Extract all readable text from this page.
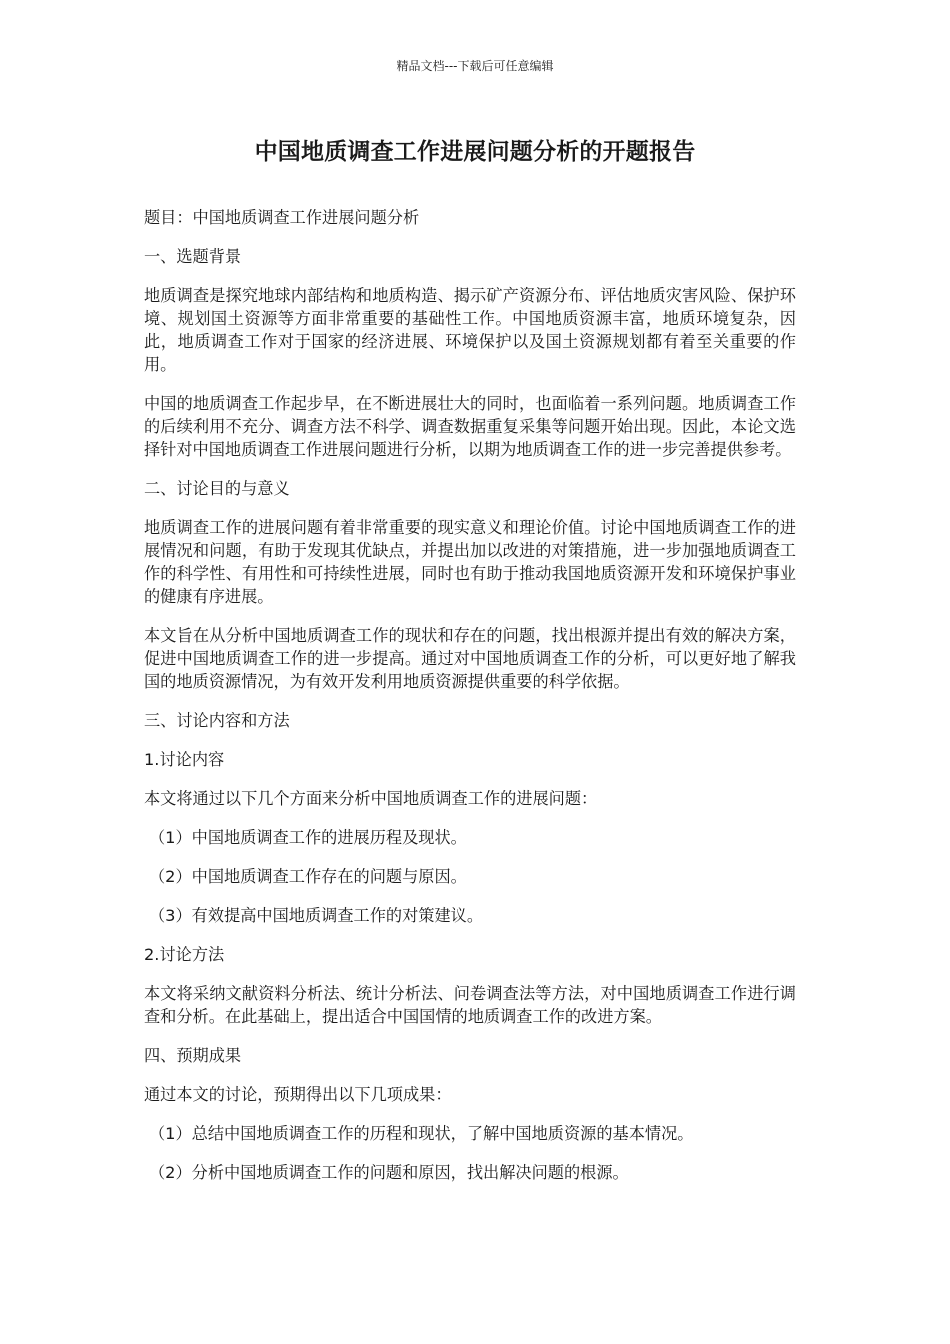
精品文档---下载后可任意编辑
中国地质调查工作进展问题分析的开题报告

题目：中国地质调查工作进展问题分析

一、选题背景

地质调查是探究地球内部结构和地质构造、揭示矿产资源分布、评估地质灾害风险、保护环境、规划国土资源等方面非常重要的基础性工作。中国地质资源丰富，地质环境复杂，因此，地质调查工作对于国家的经济进展、环境保护以及国土资源规划都有着至关重要的作用。

中国的地质调查工作起步早，在不断进展壮大的同时，也面临着一系列问题。地质调查工作的后续利用不充分、调查方法不科学、调查数据重复采集等问题开始出现。因此，本论文选择针对中国地质调查工作进展问题进行分析，以期为地质调查工作的进一步完善提供参考。

二、讨论目的与意义

地质调查工作的进展问题有着非常重要的现实意义和理论价值。讨论中国地质调查工作的进展情况和问题，有助于发现其优缺点，并提出加以改进的对策措施，进一步加强地质调查工作的科学性、有用性和可持续性进展，同时也有助于推动我国地质资源开发和环境保护事业的健康有序进展。

本文旨在从分析中国地质调查工作的现状和存在的问题，找出根源并提出有效的解决方案，促进中国地质调查工作的进一步提高。通过对中国地质调查工作的分析，可以更好地了解我国的地质资源情况，为有效开发利用地质资源提供重要的科学依据。

三、讨论内容和方法

1.讨论内容

本文将通过以下几个方面来分析中国地质调查工作的进展问题：

（1）中国地质调查工作的进展历程及现状。

（2）中国地质调查工作存在的问题与原因。

（3）有效提高中国地质调查工作的对策建议。

2.讨论方法

本文将采纳文献资料分析法、统计分析法、问卷调查法等方法，对中国地质调查工作进行调查和分析。在此基础上，提出适合中国国情的地质调查工作的改进方案。

四、预期成果

通过本文的讨论，预期得出以下几项成果：

（1）总结中国地质调查工作的历程和现状，了解中国地质资源的基本情况。

（2）分析中国地质调查工作的问题和原因，找出解决问题的根源。
